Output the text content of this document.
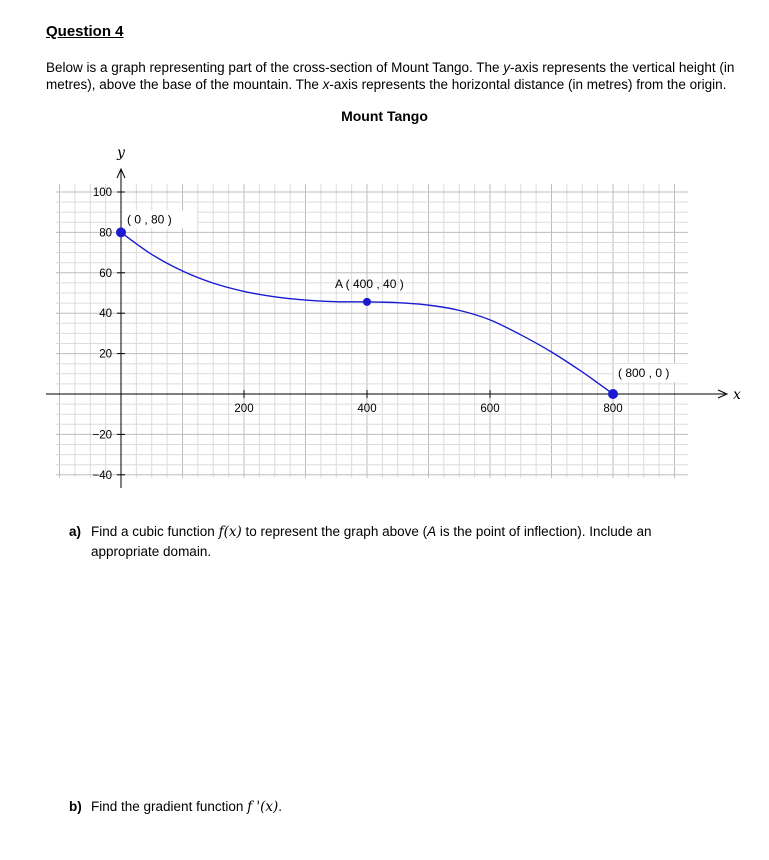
Question 4
Below is a graph representing part of the cross-section of Mount Tango. The y-axis represents the vertical height (in metres), above the base of the mountain. The x-axis represents the horizontal distance (in metres) from the origin.
Mount Tango
x
y
200	400	600	800
100
80
60
40
20
−20
−40
( 0 , 80 )
A ( 400 , 40 )
( 800 , 0 )
a) Find a cubic function f(x) to represent the graph above (A is the point of inflection). Include an
appropriate domain.
b) Find the gradient function f '(x).
